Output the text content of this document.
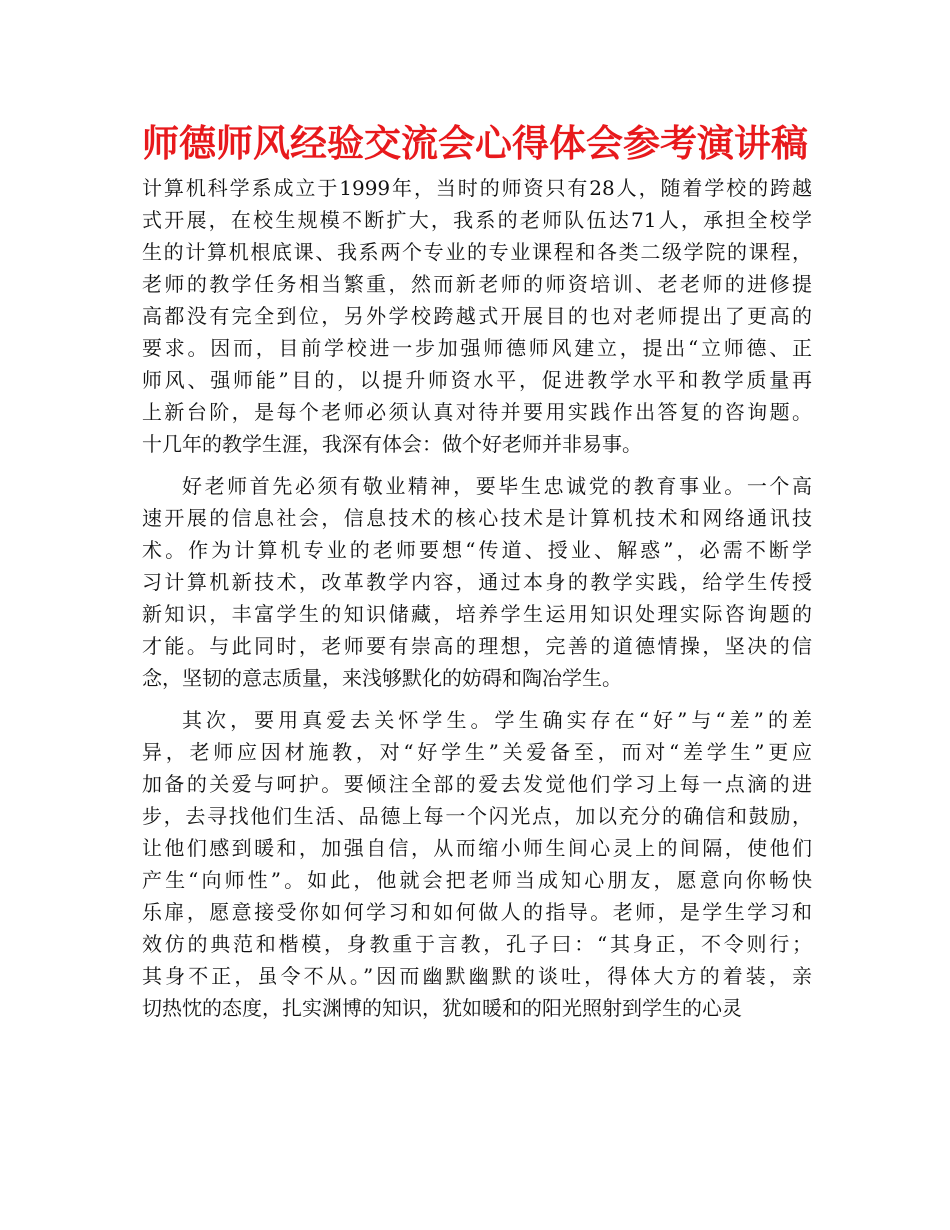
师德师风经验交流会心得体会参考演讲稿
计算机科学系成立于1999年，当时的师资只有28人，随着学校的跨越
式开展，在校生规模不断扩大，我系的老师队伍达71人，承担全校学
生的计算机根底课、我系两个专业的专业课程和各类二级学院的课程，
老师的教学任务相当繁重，然而新老师的师资培训、老老师的进修提
高都没有完全到位，另外学校跨越式开展目的也对老师提出了更高的
要求。因而，目前学校进一步加强师德师风建立，提出“立师德、正
师风、强师能”目的，以提升师资水平，促进教学水平和教学质量再
上新台阶，是每个老师必须认真对待并要用实践作出答复的咨询题。
十几年的教学生涯，我深有体会：做个好老师并非易事。
好老师首先必须有敬业精神，要毕生忠诚党的教育事业。一个高
速开展的信息社会，信息技术的核心技术是计算机技术和网络通讯技
术。作为计算机专业的老师要想“传道、授业、解惑”，必需不断学
习计算机新技术，改革教学内容，通过本身的教学实践，给学生传授
新知识，丰富学生的知识储藏，培养学生运用知识处理实际咨询题的
才能。与此同时，老师要有崇高的理想，完善的道德情操，坚决的信
念，坚韧的意志质量，来浅够默化的妨碍和陶冶学生。
其次，要用真爱去关怀学生。学生确实存在“好”与“差”的差
异，老师应因材施教，对“好学生”关爱备至，而对“差学生”更应
加备的关爱与呵护。要倾注全部的爱去发觉他们学习上每一点滴的进
步，去寻找他们生活、品德上每一个闪光点，加以充分的确信和鼓励，
让他们感到暖和，加强自信，从而缩小师生间心灵上的间隔，使他们
产生“向师性”。如此，他就会把老师当成知心朋友，愿意向你畅快
乐扉，愿意接受你如何学习和如何做人的指导。老师，是学生学习和
效仿的典范和楷模，身教重于言教，孔子曰：“其身正，不令则行；
其身不正，虽令不从。”因而幽默幽默的谈吐，得体大方的着装，亲
切热忱的态度，扎实渊博的知识，犹如暖和的阳光照射到学生的心灵
